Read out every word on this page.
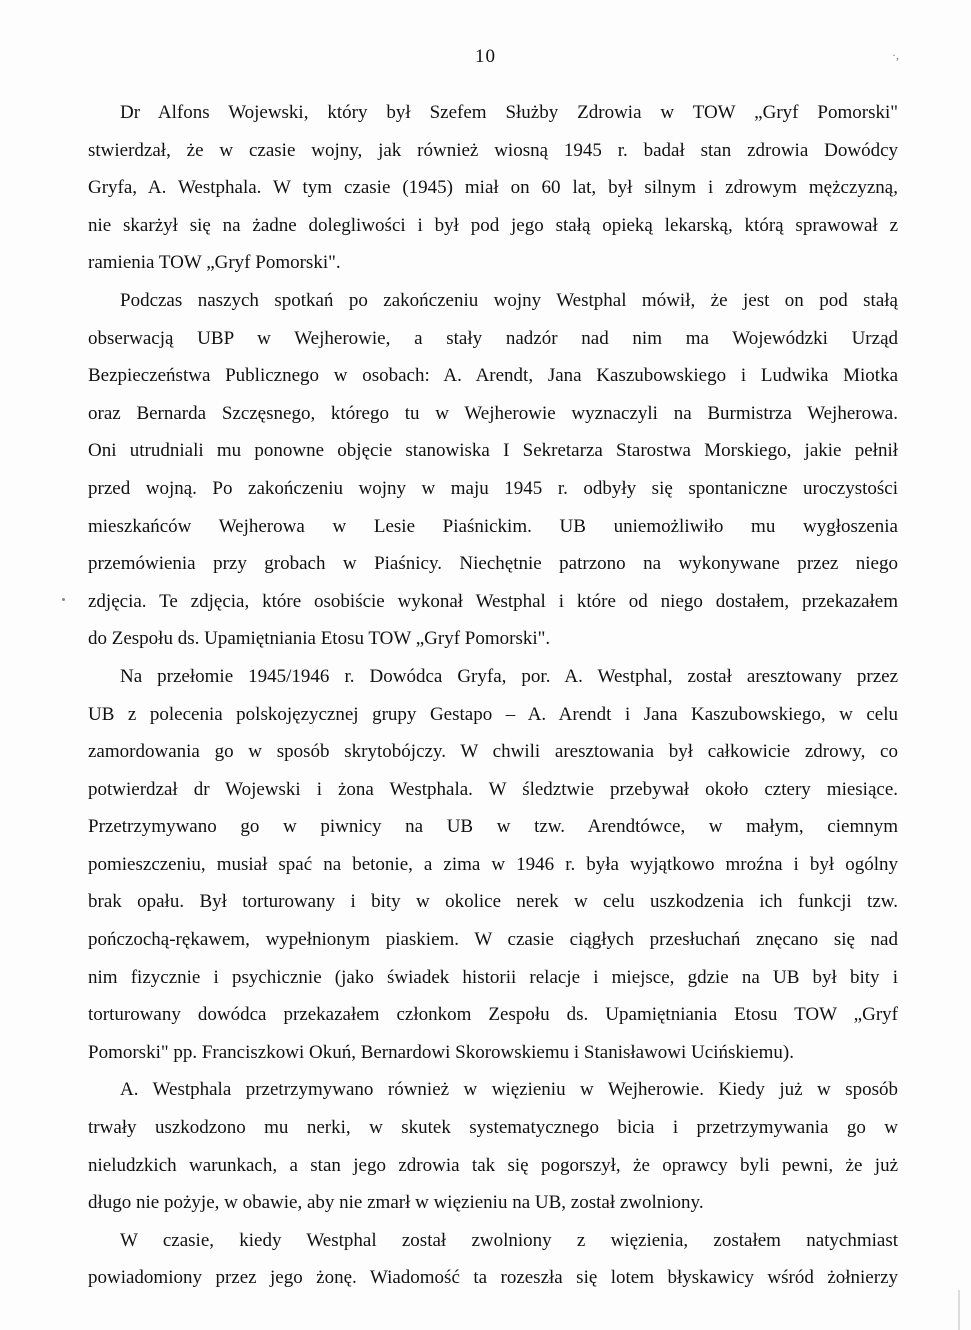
10	·,
Dr Alfons Wojewski, który był Szefem Służby Zdrowia w TOW „Gryf Pomorski"
stwierdzał, że w czasie wojny, jak również wiosną 1945 r. badał stan zdrowia Dowódcy
Gryfa, A. Westphala. W tym czasie (1945) miał on 60 lat, był silnym i zdrowym mężczyzną,
nie skarżył się na żadne dolegliwości i był pod jego stałą opieką lekarską, którą sprawował z
ramienia TOW „Gryf Pomorski".
Podczas naszych spotkań po zakończeniu wojny Westphal mówił, że jest on pod stałą
obserwacją UBP w Wejherowie, a stały nadzór nad nim ma Wojewódzki Urząd
Bezpieczeństwa Publicznego w osobach: A. Arendt, Jana Kaszubowskiego i Ludwika Miotka
oraz Bernarda Szczęsnego, którego tu w Wejherowie wyznaczyli na Burmistrza Wejherowa.
Oni utrudniali mu ponowne objęcie stanowiska I Sekretarza Starostwa Morskiego, jakie pełnił
przed wojną. Po zakończeniu wojny w maju 1945 r. odbyły się spontaniczne uroczystości
mieszkańców Wejherowa w Lesie Piaśnickim. UB uniemożliwiło mu wygłoszenia
przemówienia przy grobach w Piaśnicy. Niechętnie patrzono na wykonywane przez niego
zdjęcia. Te zdjęcia, które osobiście wykonał Westphal i które od niego dostałem, przekazałem
do Zespołu ds. Upamiętniania Etosu TOW „Gryf Pomorski".
Na przełomie 1945/1946 r. Dowódca Gryfa, por. A. Westphal, został aresztowany przez
UB z polecenia polskojęzycznej grupy Gestapo – A. Arendt i Jana Kaszubowskiego, w celu
zamordowania go w sposób skrytobójczy. W chwili aresztowania był całkowicie zdrowy, co
potwierdzał dr Wojewski i żona Westphala. W śledztwie przebywał około cztery miesiące.
Przetrzymywano go w piwnicy na UB w tzw. Arendtówce, w małym, ciemnym
pomieszczeniu, musiał spać na betonie, a zima w 1946 r. była wyjątkowo mroźna i był ogólny
brak opału. Był torturowany i bity w okolice nerek w celu uszkodzenia ich funkcji tzw.
pończochą-rękawem, wypełnionym piaskiem. W czasie ciągłych przesłuchań znęcano się nad
nim fizycznie i psychicznie (jako świadek historii relacje i miejsce, gdzie na UB był bity i
torturowany dowódca przekazałem członkom Zespołu ds. Upamiętniania Etosu TOW „Gryf
Pomorski" pp. Franciszkowi Okuń, Bernardowi Skorowskiemu i Stanisławowi Ucińskiemu).
A. Westphala przetrzymywano również w więzieniu w Wejherowie. Kiedy już w sposób
trwały uszkodzono mu nerki, w skutek systematycznego bicia i przetrzymywania go w
nieludzkich warunkach, a stan jego zdrowia tak się pogorszył, że oprawcy byli pewni, że już
długo nie pożyje, w obawie, aby nie zmarł w więzieniu na UB, został zwolniony.
W czasie, kiedy Westphal został zwolniony z więzienia, zostałem natychmiast
powiadomiony przez jego żonę. Wiadomość ta rozeszła się lotem błyskawicy wśród żołnierzy
